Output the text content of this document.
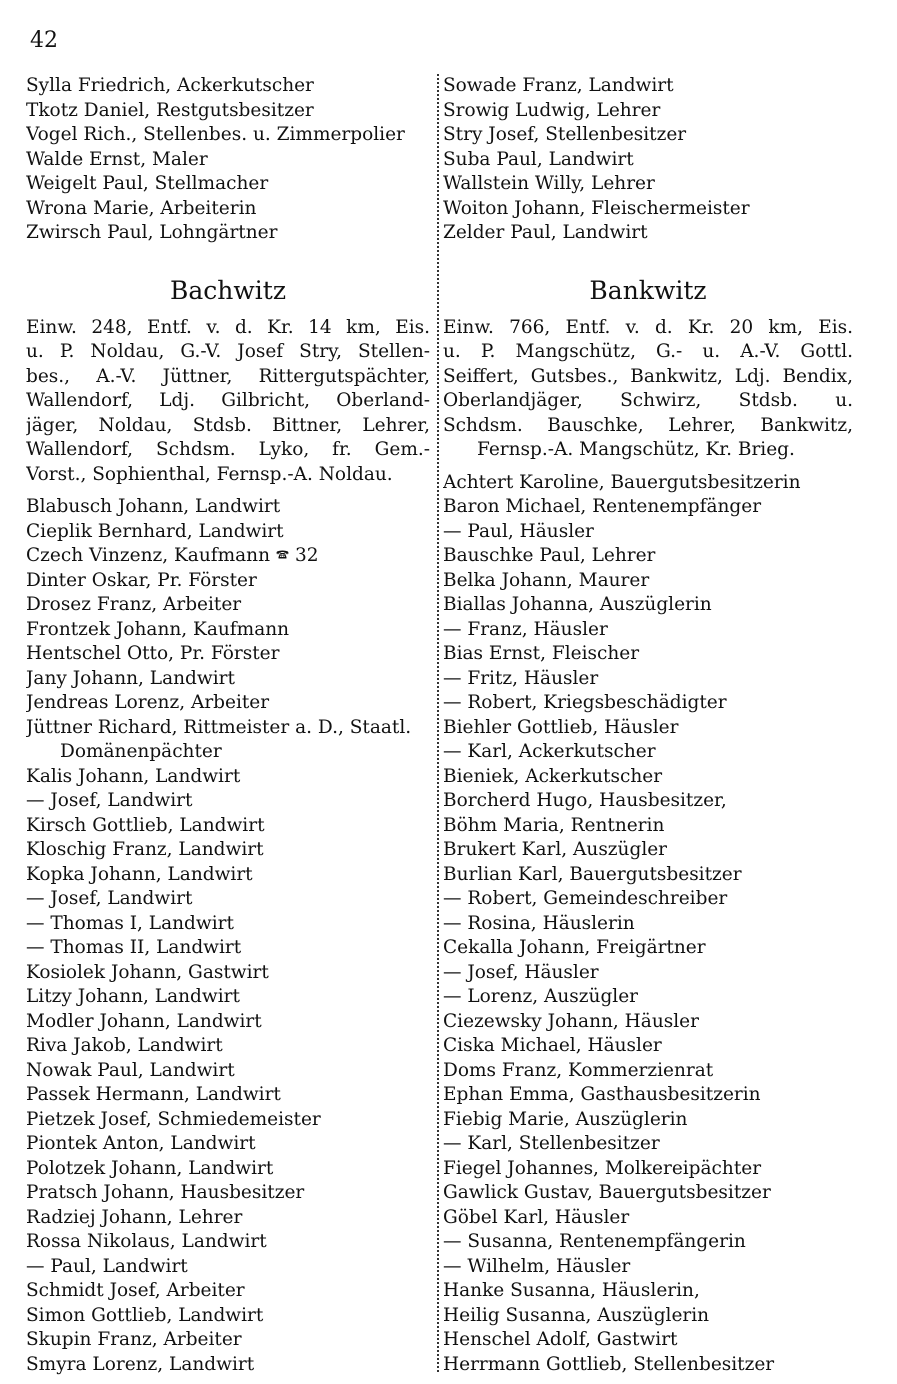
42
Sylla Friedrich, Ackerkutscher
Tkotz Daniel, Restgutsbesitzer
Vogel Rich., Stellenbes. u. Zimmerpolier
Walde Ernst, Maler
Weigelt Paul, Stellmacher
Wrona Marie, Arbeiterin
Zwirsch Paul, Lohngärtner
Bachwitz
Einw. 248, Entf. v. d. Kr. 14 km, Eis.
u. P. Noldau, G.-V. Josef Stry, Stellen-
bes., A.-V. Jüttner, Rittergutspächter,
Wallendorf, Ldj. Gilbricht, Oberland-
jäger, Noldau, Stdsb. Bittner, Lehrer,
Wallendorf, Schdsm. Lyko, fr. Gem.-
Vorst., Sophienthal, Fernsp.-A. Noldau.
Blabusch Johann, Landwirt
Cieplik Bernhard, Landwirt
Czech Vinzenz, Kaufmann 🕿 32
Dinter Oskar, Pr. Förster
Drosez Franz, Arbeiter
Frontzek Johann, Kaufmann
Hentschel Otto, Pr. Förster
Jany Johann, Landwirt
Jendreas Lorenz, Arbeiter
Jüttner Richard, Rittmeister a. D., Staatl.
Domänenpächter
Kalis Johann, Landwirt
— Josef, Landwirt
Kirsch Gottlieb, Landwirt
Kloschig Franz, Landwirt
Kopka Johann, Landwirt
— Josef, Landwirt
— Thomas I, Landwirt
— Thomas II, Landwirt
Kosiolek Johann, Gastwirt
Litzy Johann, Landwirt
Modler Johann, Landwirt
Riva Jakob, Landwirt
Nowak Paul, Landwirt
Passek Hermann, Landwirt
Pietzek Josef, Schmiedemeister
Piontek Anton, Landwirt
Polotzek Johann, Landwirt
Pratsch Johann, Hausbesitzer
Radziej Johann, Lehrer
Rossa Nikolaus, Landwirt
— Paul, Landwirt
Schmidt Josef, Arbeiter
Simon Gottlieb, Landwirt
Skupin Franz, Arbeiter
Smyra Lorenz, Landwirt
Sowade Franz, Landwirt
Srowig Ludwig, Lehrer
Stry Josef, Stellenbesitzer
Suba Paul, Landwirt
Wallstein Willy, Lehrer
Woiton Johann, Fleischermeister
Zelder Paul, Landwirt
Bankwitz
Einw. 766, Entf. v. d. Kr. 20 km, Eis.
u. P. Mangschütz, G.- u. A.-V. Gottl.
Seiffert, Gutsbes., Bankwitz, Ldj. Bendix,
Oberlandjäger, Schwirz, Stdsb. u.
Schdsm. Bauschke, Lehrer, Bankwitz,
Fernsp.-A. Mangschütz, Kr. Brieg.
Achtert Karoline, Bauergutsbesitzerin
Baron Michael, Rentenempfänger
— Paul, Häusler
Bauschke Paul, Lehrer
Belka Johann, Maurer
Biallas Johanna, Auszüglerin
— Franz, Häusler
Bias Ernst, Fleischer
— Fritz, Häusler
— Robert, Kriegsbeschädigter
Biehler Gottlieb, Häusler
— Karl, Ackerkutscher
Bieniek, Ackerkutscher
Borcherd Hugo, Hausbesitzer,
Böhm Maria, Rentnerin
Brukert Karl, Auszügler
Burlian Karl, Bauergutsbesitzer
— Robert, Gemeindeschreiber
— Rosina, Häuslerin
Cekalla Johann, Freigärtner
— Josef, Häusler
— Lorenz, Auszügler
Ciezewsky Johann, Häusler
Ciska Michael, Häusler
Doms Franz, Kommerzienrat
Ephan Emma, Gasthausbesitzerin
Fiebig Marie, Auszüglerin
— Karl, Stellenbesitzer
Fiegel Johannes, Molkereipächter
Gawlick Gustav, Bauergutsbesitzer
Göbel Karl, Häusler
— Susanna, Rentenempfängerin
— Wilhelm, Häusler
Hanke Susanna, Häuslerin,
Heilig Susanna, Auszüglerin
Henschel Adolf, Gastwirt
Herrmann Gottlieb, Stellenbesitzer
